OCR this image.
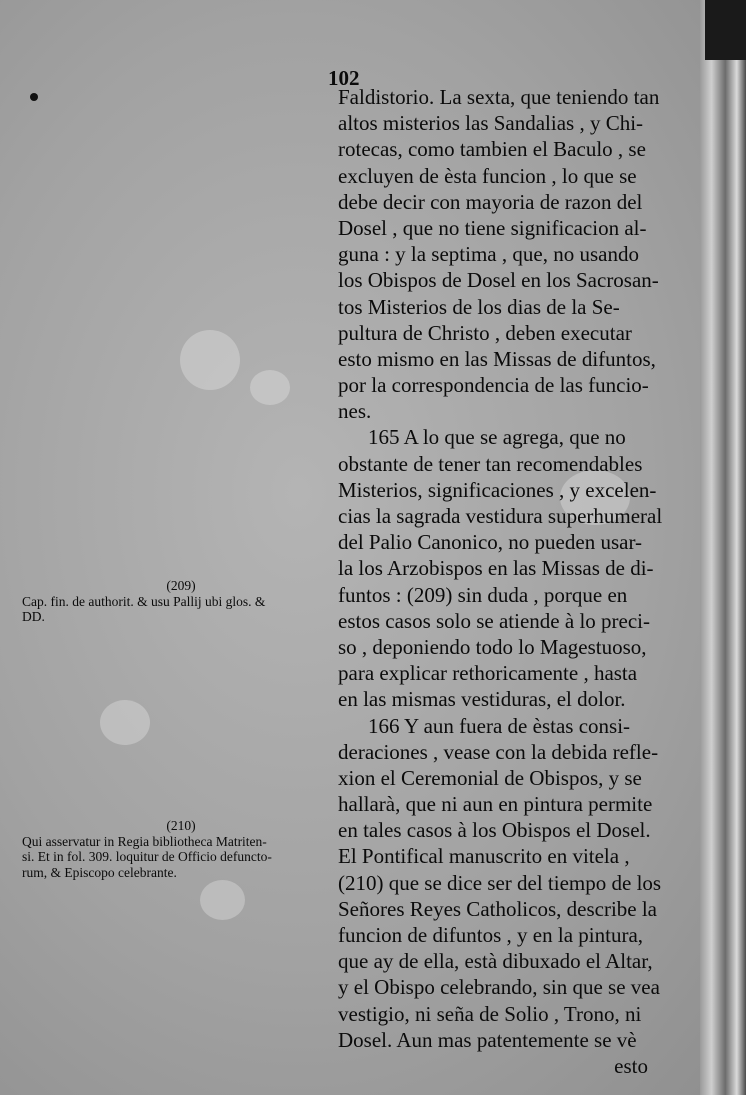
102

Faldistorio. La sexta, que teniendo tan

altos misterios las Sandalias , y Chi-

rotecas, como tambien el Baculo , se

excluyen de èsta funcion , lo que se

debe decir con mayoria de razon del

Dosel , que no tiene significacion al-

guna : y la septima , que, no usando

los Obispos de Dosel en los Sacrosan-

tos Misterios de los dias de la Se-

pultura de Christo , deben executar

esto mismo en las Missas de difuntos,

por la correspondencia de las funcio-

nes.

165 A lo que se agrega, que no

obstante de tener tan recomendables

Misterios, significaciones , y excelen-

cias la sagrada vestidura superhumeral

del Palio Canonico, no pueden usar-

la los Arzobispos en las Missas de di-

funtos : (209) sin duda , porque en

estos casos solo se atiende à lo preci-

so , deponiendo todo lo Magestuoso,

para explicar rethoricamente , hasta

en las mismas vestiduras, el dolor.

166 Y aun fuera de èstas consi-

deraciones , vease con la debida refle-

xion el Ceremonial de Obispos, y se

hallarà, que ni aun en pintura permite

en tales casos à los Obispos el Dosel.

El Pontifical manuscrito en vitela ,

(210) que se dice ser del tiempo de los

Señores Reyes Catholicos, describe la

funcion de difuntos , y en la pintura,

que ay de ella, està dibuxado el Altar,

y el Obispo celebrando, sin que se vea

vestigio, ni seña de Solio , Trono, ni

Dosel. Aun mas patentemente se vè

esto

(209)

Cap. fin. de authorit. & usu Pallij ubi glos. &

DD.

(210)

Qui asservatur in Regia bibliotheca Matriten-

si. Et in fol. 309. loquitur de Officio defuncto-

rum, & Episcopo celebrante.
